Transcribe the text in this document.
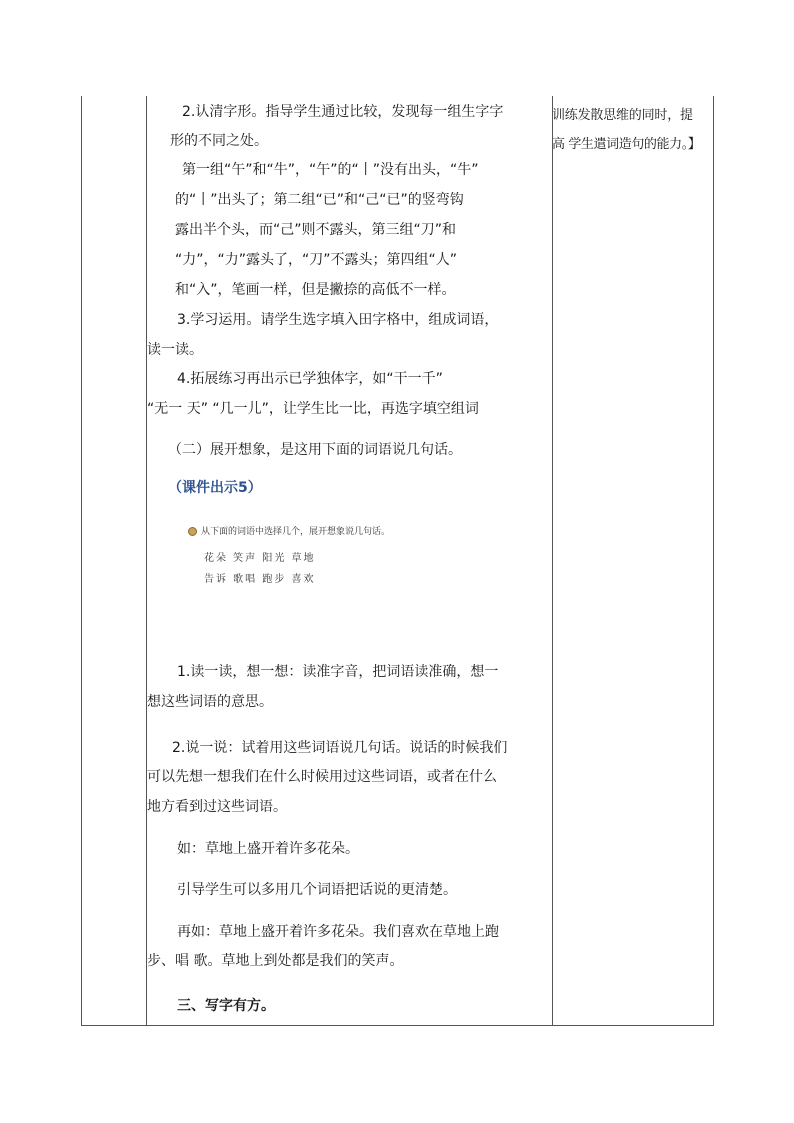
2.认清字形。指导学生通过比较，发现每一组生字字

形的不同之处。

第一组“午”和“牛”，“午”的“丨”没有出头，“牛”

的“丨”出头了；第二组“已”和“己“已”的竖弯钩

露出半个头，而“己”则不露头，第三组“刀”和

“力”，“力”露头了，“刀”不露头；第四组“人”

和“入”，笔画一样，但是撇捺的高低不一样。

3.学习运用。请学生选字填入田字格中，组成词语，

读一读。

4.拓展练习再出示已学独体字，如“干一千”

“无一 天” “几一儿”，让学生比一比，再选字填空组词

（二）展开想象，是这用下面的词语说几句话。

（课件出示5）

从下面的词语中选择几个，展开想象说几句话。
花朵 笑声 阳光 草地
告诉 歌唱 跑步 喜欢

1.读一读，想一想：读准字音，把词语读准确，想一

想这些词语的意思。

2.说一说：试着用这些词语说几句话。说话的时候我们

可以先想一想我们在什么时候用过这些词语，或者在什么

地方看到过这些词语。

如：草地上盛开着许多花朵。

引导学生可以多用几个词语把话说的更清楚。

再如：草地上盛开着许多花朵。我们喜欢在草地上跑

步、唱 歌。草地上到处都是我们的笑声。

三、写字有方。

训练发散思维的同时，提

高 学生遣词造句的能力。】
